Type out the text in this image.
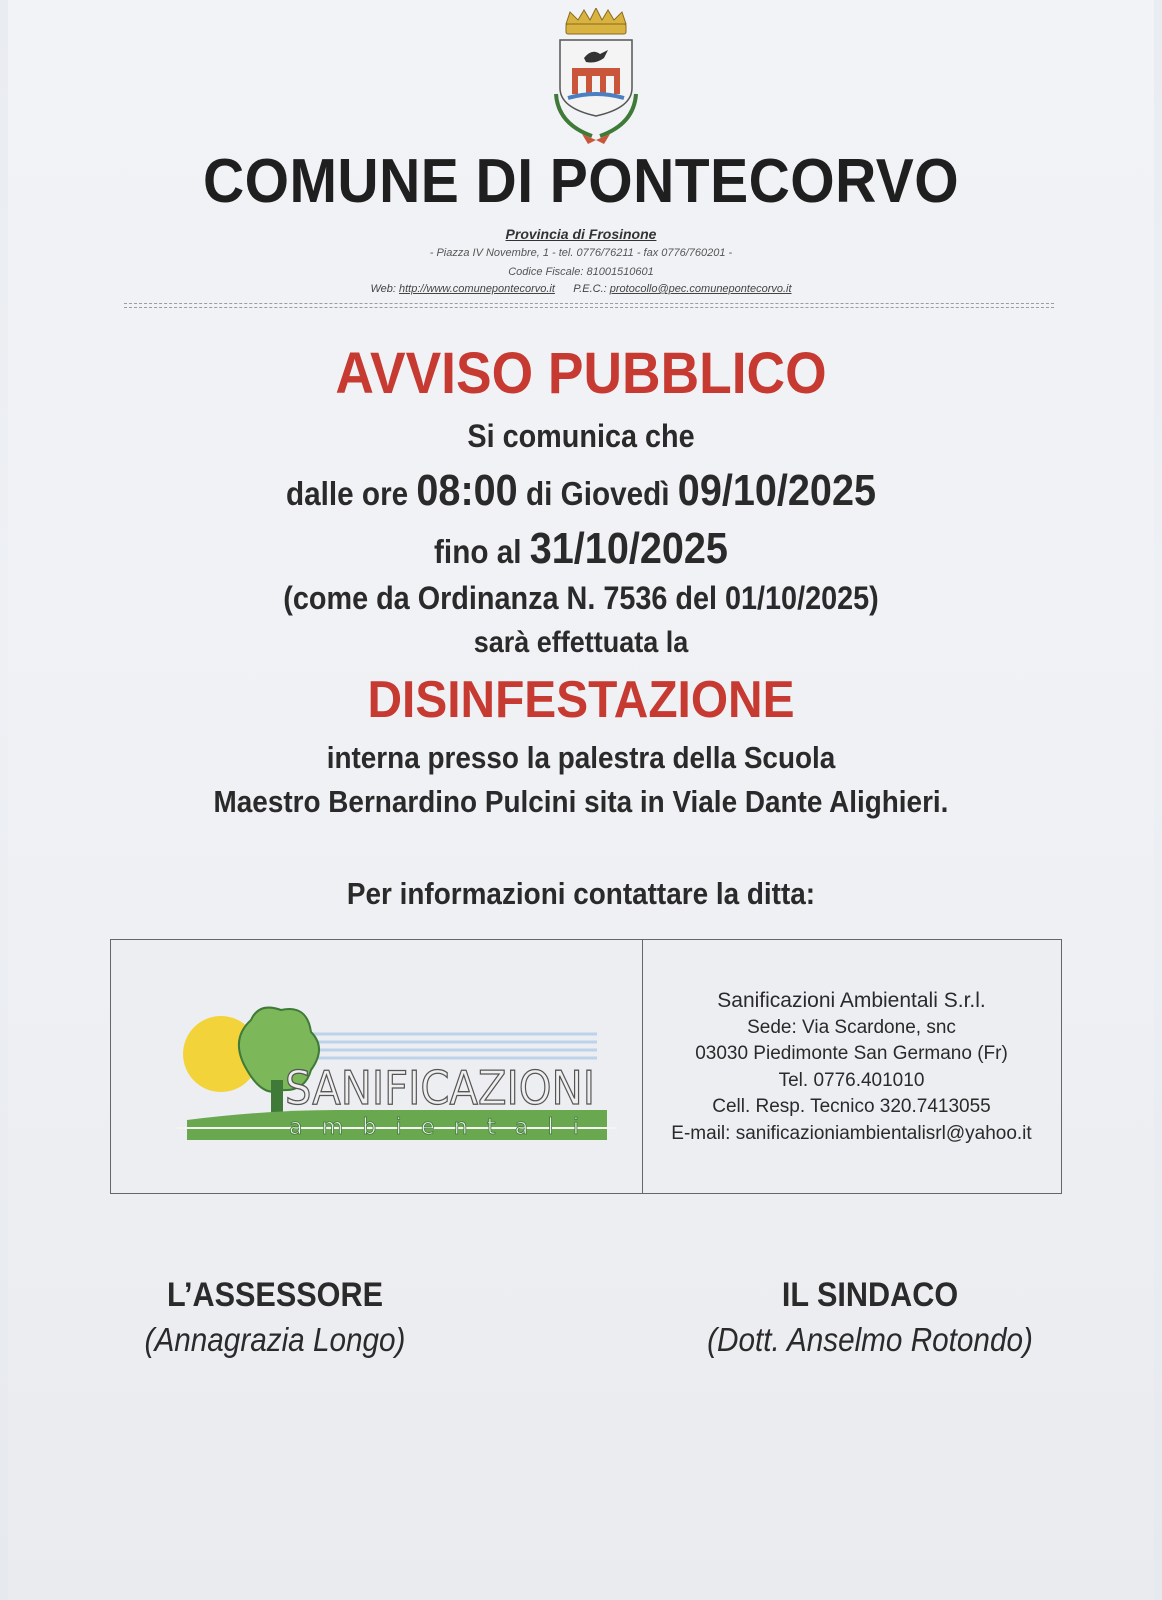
COMUNE DI PONTECORVO
Provincia di Frosinone
- Piazza IV Novembre, 1 - tel. 0776/76211 - fax 0776/760201 -
Codice Fiscale: 81001510601
Web: http://www.comunepontecorvo.it P.E.C.: protocollo@pec.comunepontecorvo.it
AVVISO PUBBLICO
Si comunica che
dalle ore 08:00 di Giovedì 09/10/2025
fino al 31/10/2025
(come da Ordinanza N. 7536 del 01/10/2025)
sarà effettuata la
DISINFESTAZIONE
interna presso la palestra della Scuola
Maestro Bernardino Pulcini sita in Viale Dante Alighieri.
Per informazioni contattare la ditta:
SANIFICAZIONI
ambientali
Sanificazioni Ambientali S.r.l.
Sede: Via Scardone, snc
03030 Piedimonte San Germano (Fr)
Tel. 0776.401010
Cell. Resp. Tecnico 320.7413055
E-mail: sanificazioniambientalisrl@yahoo.it
L’ASSESSORE
(Annagrazia Longo)
IL SINDACO
(Dott. Anselmo Rotondo)
